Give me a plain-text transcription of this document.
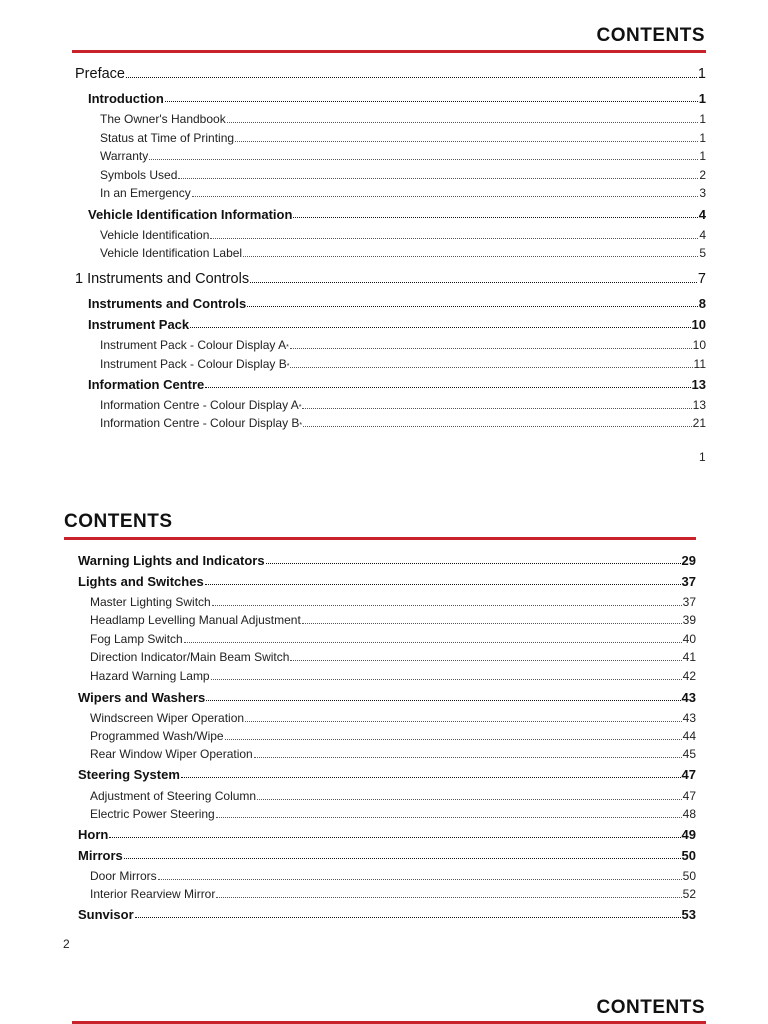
CONTENTS
1
CONTENTS
2
CONTENTS
Preface	1
Introduction	1
The Owner's Handbook	1
Status at Time of Printing	1
Warranty	1
Symbols Used	2
In an Emergency	3
Vehicle Identification Information	4
Vehicle Identification	4
Vehicle Identification Label	5
1 Instruments and Controls	7
Instruments and Controls	8
Instrument Pack	10
Instrument Pack - Colour Display $A_*$	10
Instrument Pack - Colour Display $B_*$	11
Information Centre	13
Information Centre - Colour Display $A_*$	13
Information Centre - Colour Display $B_*$	21
Warning Lights and Indicators	29
Lights and Switches	37
Master Lighting Switch	37
Headlamp Levelling Manual Adjustment	39
Fog Lamp Switch	40
Direction Indicator/Main Beam Switch	41
Hazard Warning Lamp	42
Wipers and Washers	43
Windscreen Wiper Operation	43
Programmed Wash/Wipe	44
Rear Window Wiper Operation	45
Steering System	47
Adjustment of Steering Column	47
Electric Power Steering	48
Horn	49
Mirrors	50
Door Mirrors	50
Interior Rearview Mirror	52
Sunvisor	53
